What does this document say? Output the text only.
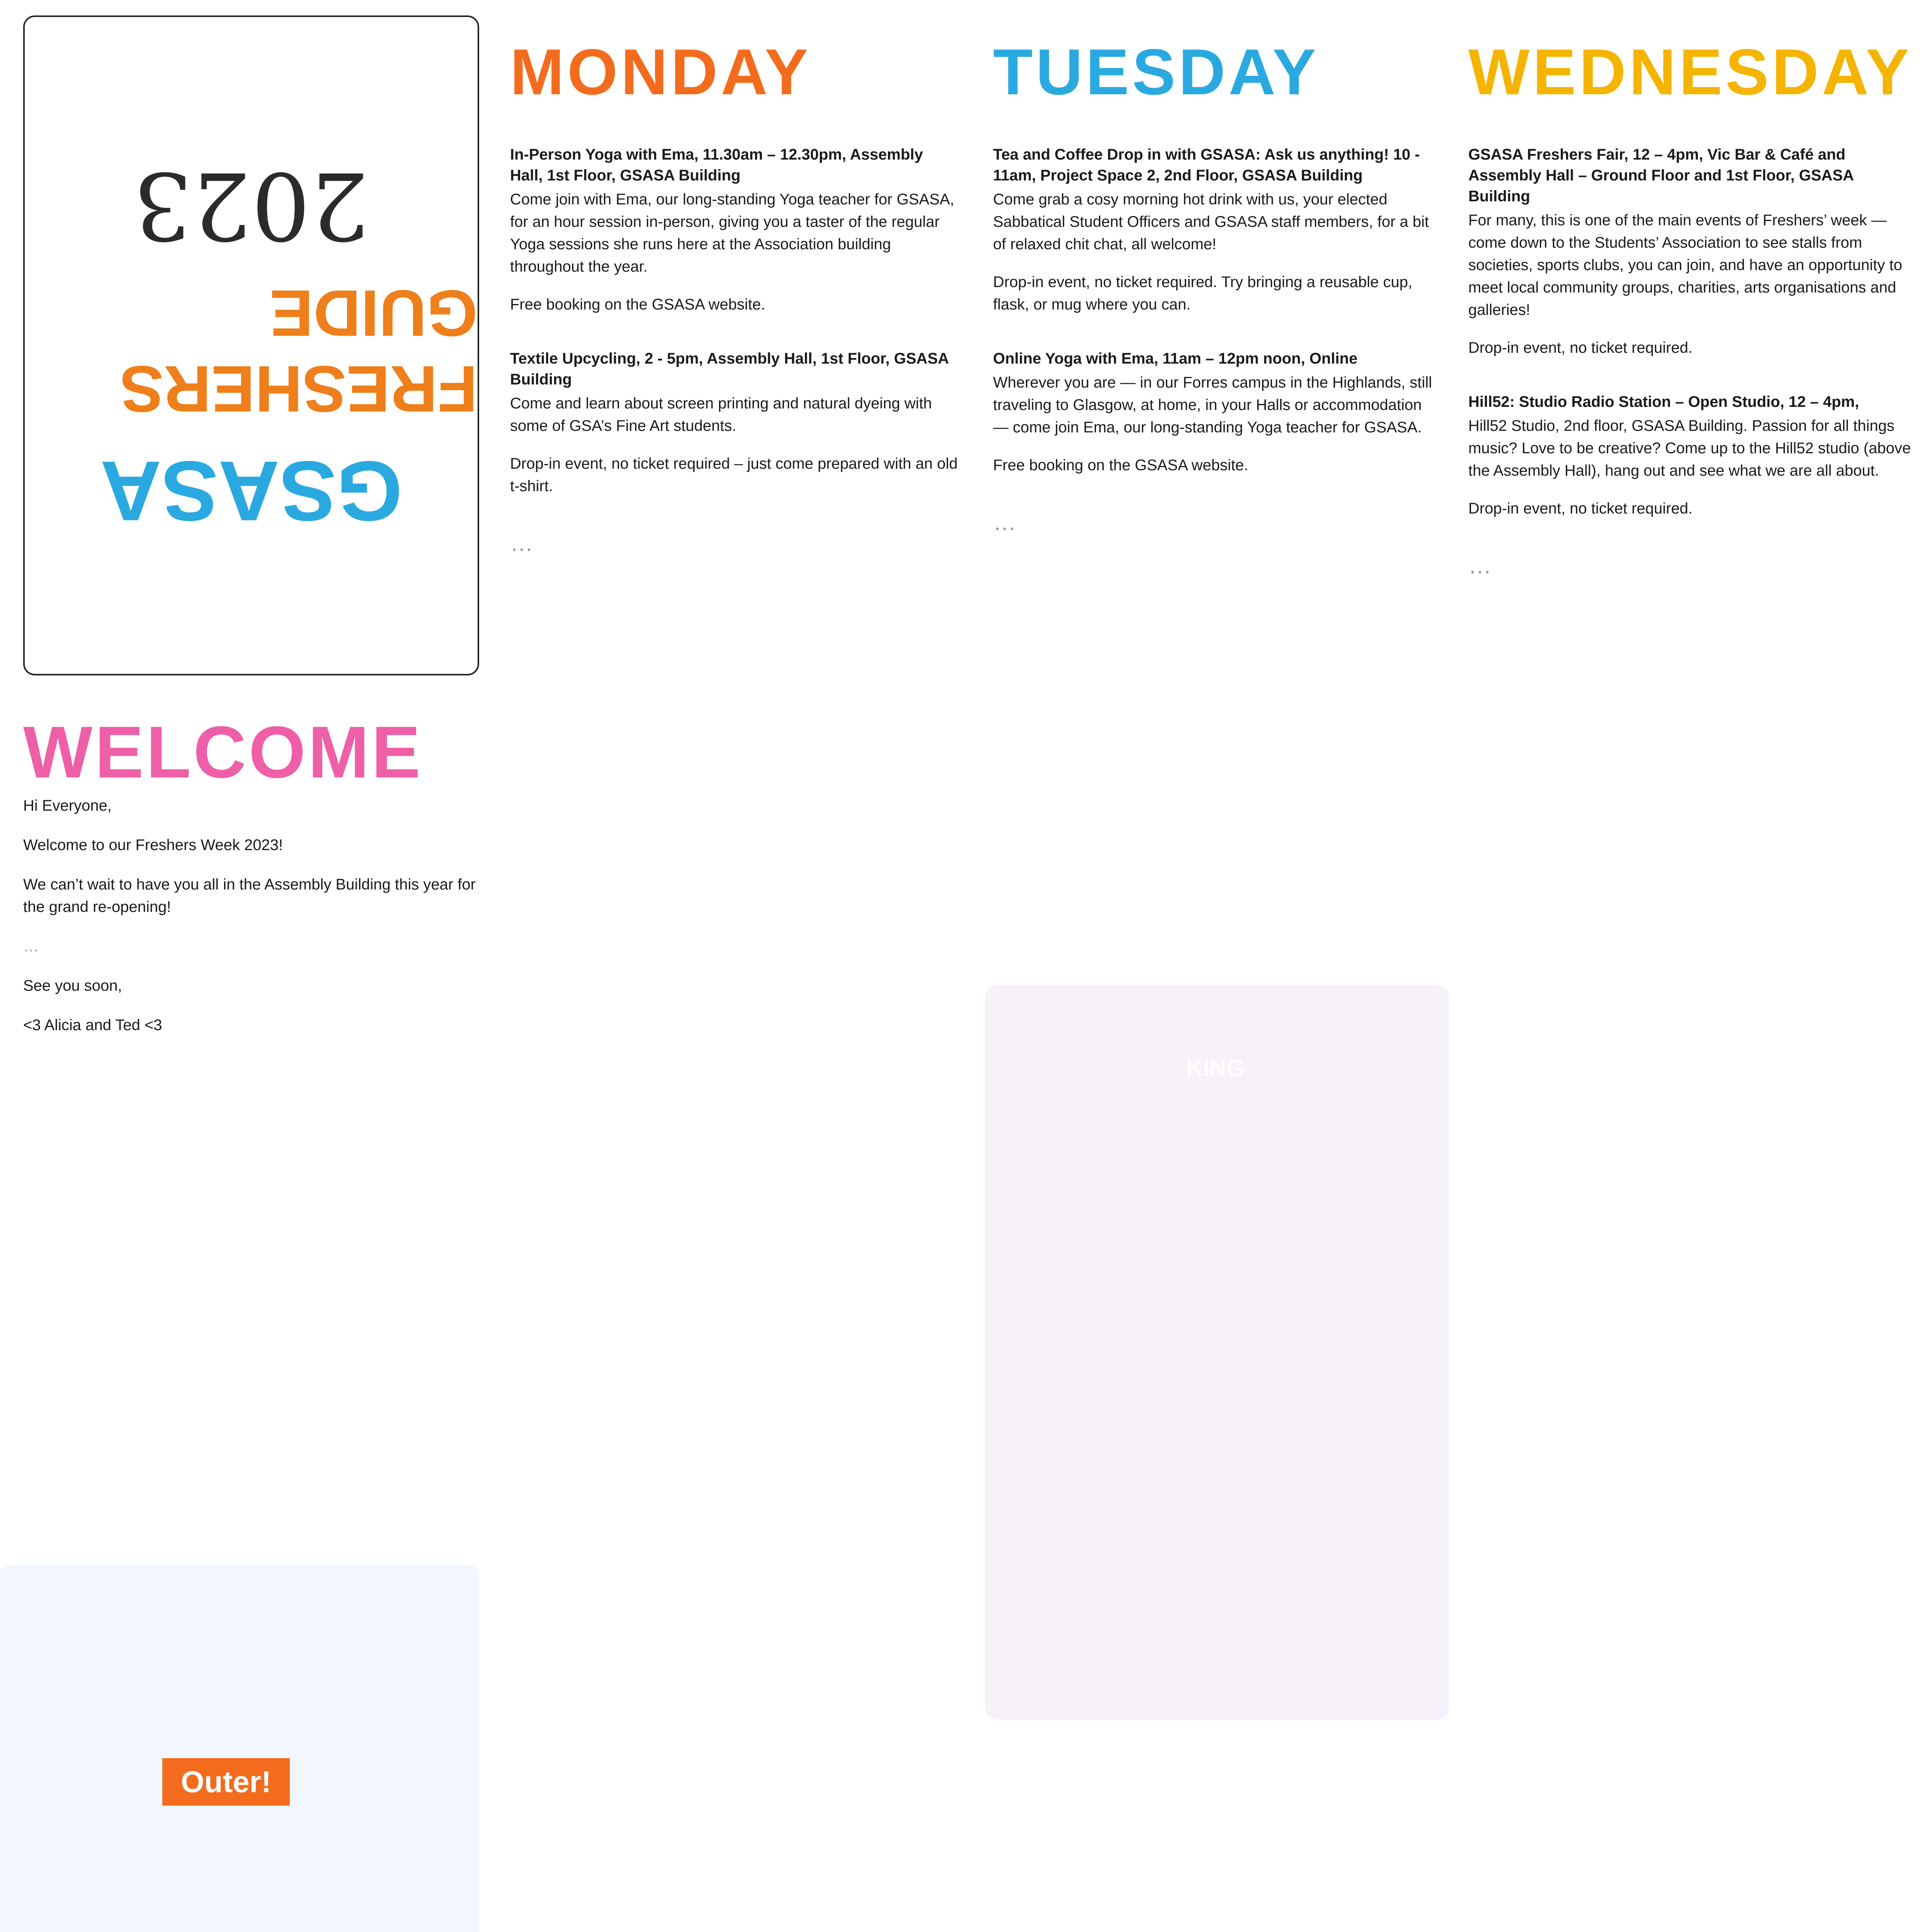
2023
FRESHERS GUIDE
GSASA
WELCOME

Hi Everyone,

Welcome to our Freshers Week 2023!

We can’t wait to have you all in the Assembly Building this year for the grand re-opening!

…

See you soon,

<3 Alicia and Ted <3

Outer!
MONDAY
In-Person Yoga with Ema, 11.30am – 12.30pm, Assembly Hall, 1st Floor, GSASA Building
Come join with Ema, our long-standing Yoga teacher for GSASA, for an hour session in-person, giving you a taster of the regular Yoga sessions she runs here at the Association building throughout the year.
Free booking on the GSASA website.
Textile Upcycling, 2 - 5pm, Assembly Hall, 1st Floor, GSASA Building
Come and learn about screen printing and natural dyeing with some of GSA’s Fine Art students.
Drop-in event, no ticket required – just come prepared with an old t-shirt.
…
TUESDAY
Tea and Coffee Drop in with GSASA: Ask us anything! 10 - 11am, Project Space 2, 2nd Floor, GSASA Building
Come grab a cosy morning hot drink with us, your elected Sabbatical Student Officers and GSASA staff members, for a bit of relaxed chit chat, all welcome!
Drop-in event, no ticket required. Try bringing a reusable cup, flask, or mug where you can.
Online Yoga with Ema, 11am – 12pm noon, Online
Wherever you are — in our Forres campus in the Highlands, still traveling to Glasgow, at home, in your Halls or accommodation — come join Ema, our long-standing Yoga teacher for GSASA.
Free booking on the GSASA website.
…
KING
WEDNESDAY
GSASA Freshers Fair, 12 – 4pm, Vic Bar & Café and Assembly Hall – Ground Floor and 1st Floor, GSASA Building
For many, this is one of the main events of Freshers’ week — come down to the Students’ Association to see stalls from societies, sports clubs, you can join, and have an opportunity to meet local community groups, charities, arts organisations and galleries!
Drop-in event, no ticket required.
Hill52: Studio Radio Station – Open Studio, 12 – 4pm,
Hill52 Studio, 2nd floor, GSASA Building. Passion for all things music? Love to be creative? Come up to the Hill52 studio (above the Assembly Hall), hang out and see what we are all about.
Drop-in event, no ticket required.
…
